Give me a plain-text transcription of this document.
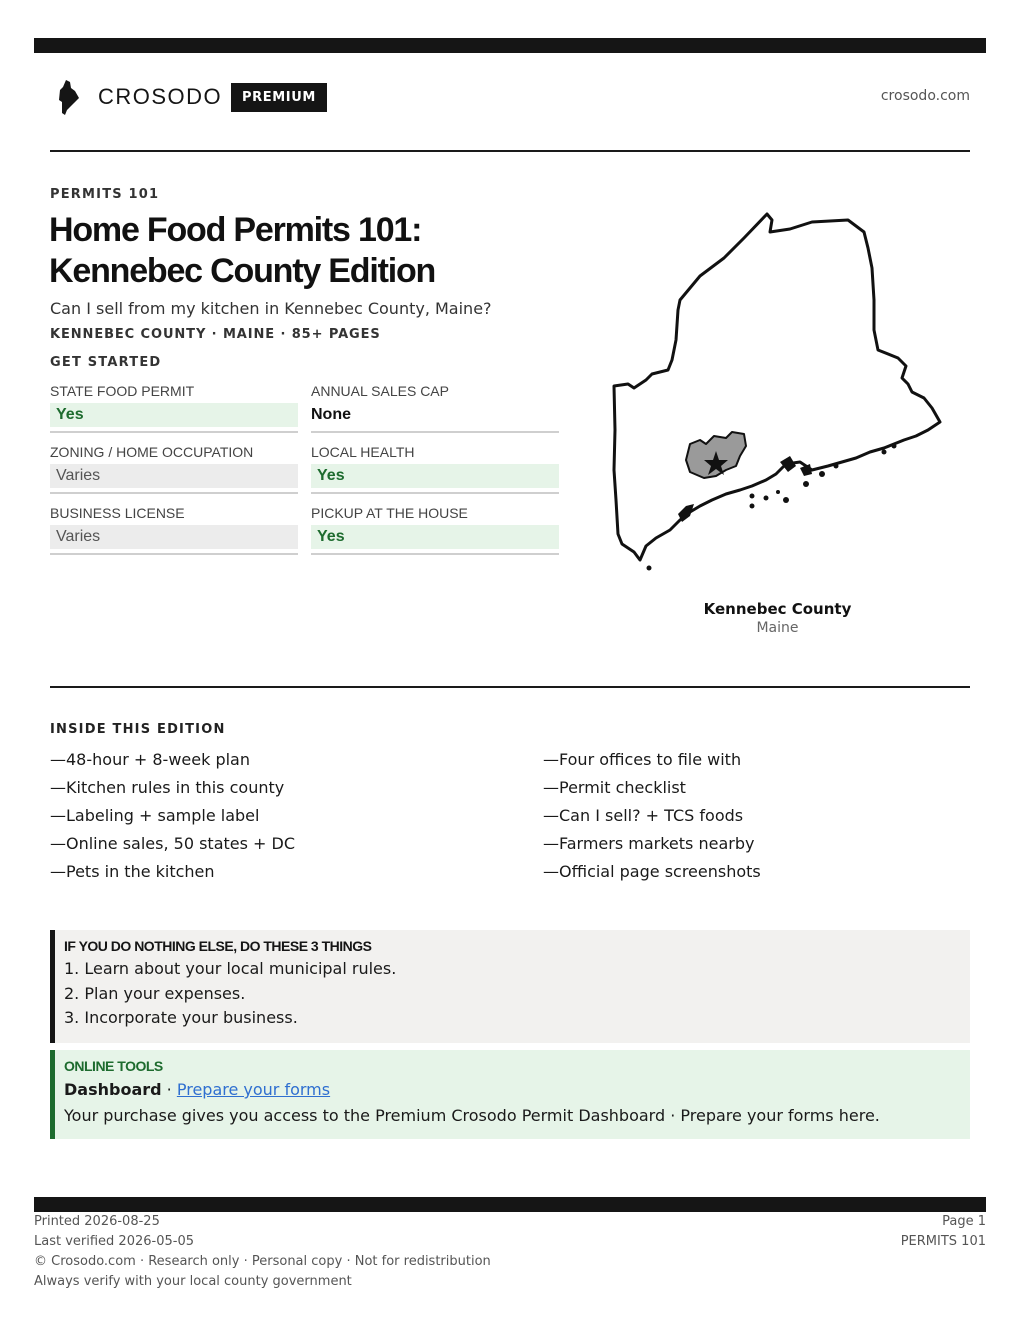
CROSODO	PREMIUM	crosodo.com
PERMITS 101
Home Food Permits 101:
Kennebec County Edition
Can I sell from my kitchen in Kennebec County, Maine?
KENNEBEC COUNTY · MAINE · 85+ PAGES
GET STARTED
STATE FOOD PERMIT
Yes
ANNUAL SALES CAP
None
ZONING / HOME OCCUPATION
Varies
LOCAL HEALTH
Yes
BUSINESS LICENSE
Varies
PICKUP AT THE HOUSE
Yes
Kennebec County
Maine
INSIDE THIS EDITION
—48-hour + 8-week plan
—Kitchen rules in this county
—Labeling + sample label
—Online sales, 50 states + DC
—Pets in the kitchen
—Four offices to file with
—Permit checklist
—Can I sell? + TCS foods
—Farmers markets nearby
—Official page screenshots
IF YOU DO NOTHING ELSE, DO THESE 3 THINGS
1. Learn about your local municipal rules.
2. Plan your expenses.
3. Incorporate your business.
ONLINE TOOLS
Dashboard · Prepare your forms
Your purchase gives you access to the Premium Crosodo Permit Dashboard · Prepare your forms here.
Printed 2026-08-25
Last verified 2026-05-05
© Crosodo.com · Research only · Personal copy · Not for redistribution
Always verify with your local county government
Page 1
PERMITS 101
